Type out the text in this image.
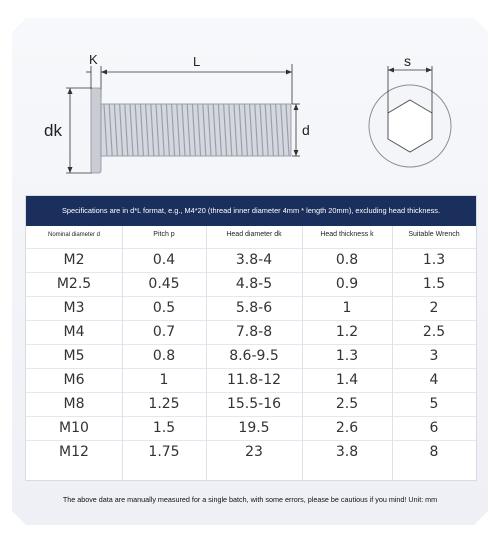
dk
K	L
d
s
Specifications are in d*L format, e.g., M4*20 (thread inner diameter 4mm * length 20mm), excluding head thickness.
Nominal diameter d	Pitch p	Head diameter dk	Head thickness k	Suitable Wrench
M2	0.4	3.8-4	0.8	1.3
M2.5	0.45	4.8-5	0.9	1.5
M3	0.5	5.8-6	1	2
M4	0.7	7.8-8	1.2	2.5
M5	0.8	8.6-9.5	1.3	3
M6	1	11.8-12	1.4	4
M8	1.25	15.5-16	2.5	5
M10	1.5	19.5	2.6	6
M12	1.75	23	3.8	8
The above data are manually measured for a single batch, with some errors, please be cautious if you mind! Unit: mm
